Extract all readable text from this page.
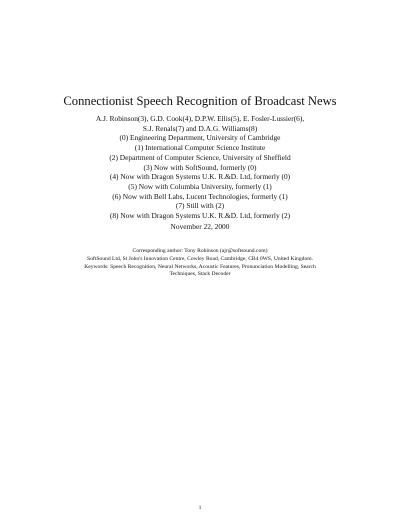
Connectionist Speech Recognition of Broadcast News
A.J. Robinson(3), G.D. Cook(4), D.P.W. Ellis(5), E. Fosler-Lussier(6),
S.J. Renals(7) and D.A.G. Williams(8)
(0) Engineering Department, University of Cambridge
(1) International Computer Science Institute
(2) Department of Computer Science, University of Sheffield
(3) Now with SoftSound, formerly (0)
(4) Now with Dragon Systems U.K. R.&D. Ltd, formerly (0)
(5) Now with Columbia University, formerly (1)
(6) Now with Bell Labs, Lucent Technologies, formerly (1)
(7) Still with (2)
(8) Now with Dragon Systems U.K. R.&D. Ltd, formerly (2)
November 22, 2000
Corresponding author: Tony Robinson (ajr@softsound.com)
SoftSound Ltd, St John's Innovation Centre, Cowley Road, Cambridge, CB4 0WS, United Kingdom.
Keywords: Speech Recognition, Neural Networks, Acoustic Features, Pronunciation Modelling, Search
Techniques, Stack Decoder
1
